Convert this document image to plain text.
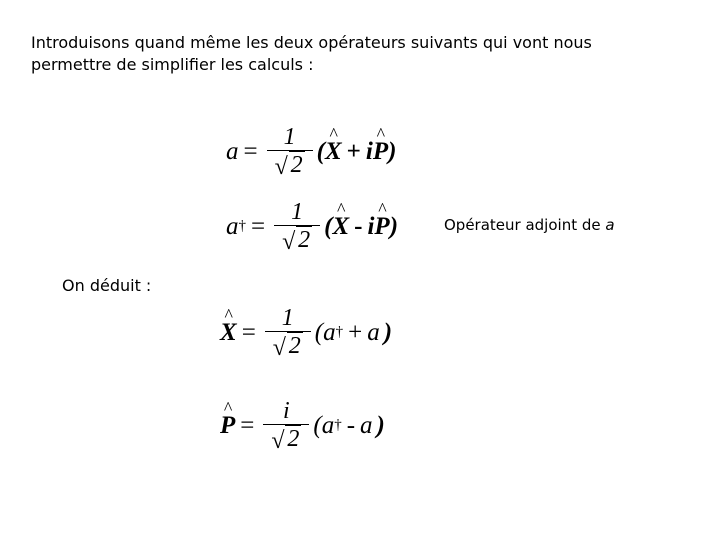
Introduisons quand même les deux opérateurs suivants qui vont nous
permettre de simplifier les calculs :
$a = \frac{1}{√ 2}$ ( ^ X + i ^ P )
a † = $\frac{1}{√ 2}$ ( ^ X - i ^ P )	Opérateur adjoint de a
On déduit :
^ $X = \frac{1}{√ 2}$ ( a † + a )
^ $P = \frac{i}{√ 2}$ ( a † - a )
